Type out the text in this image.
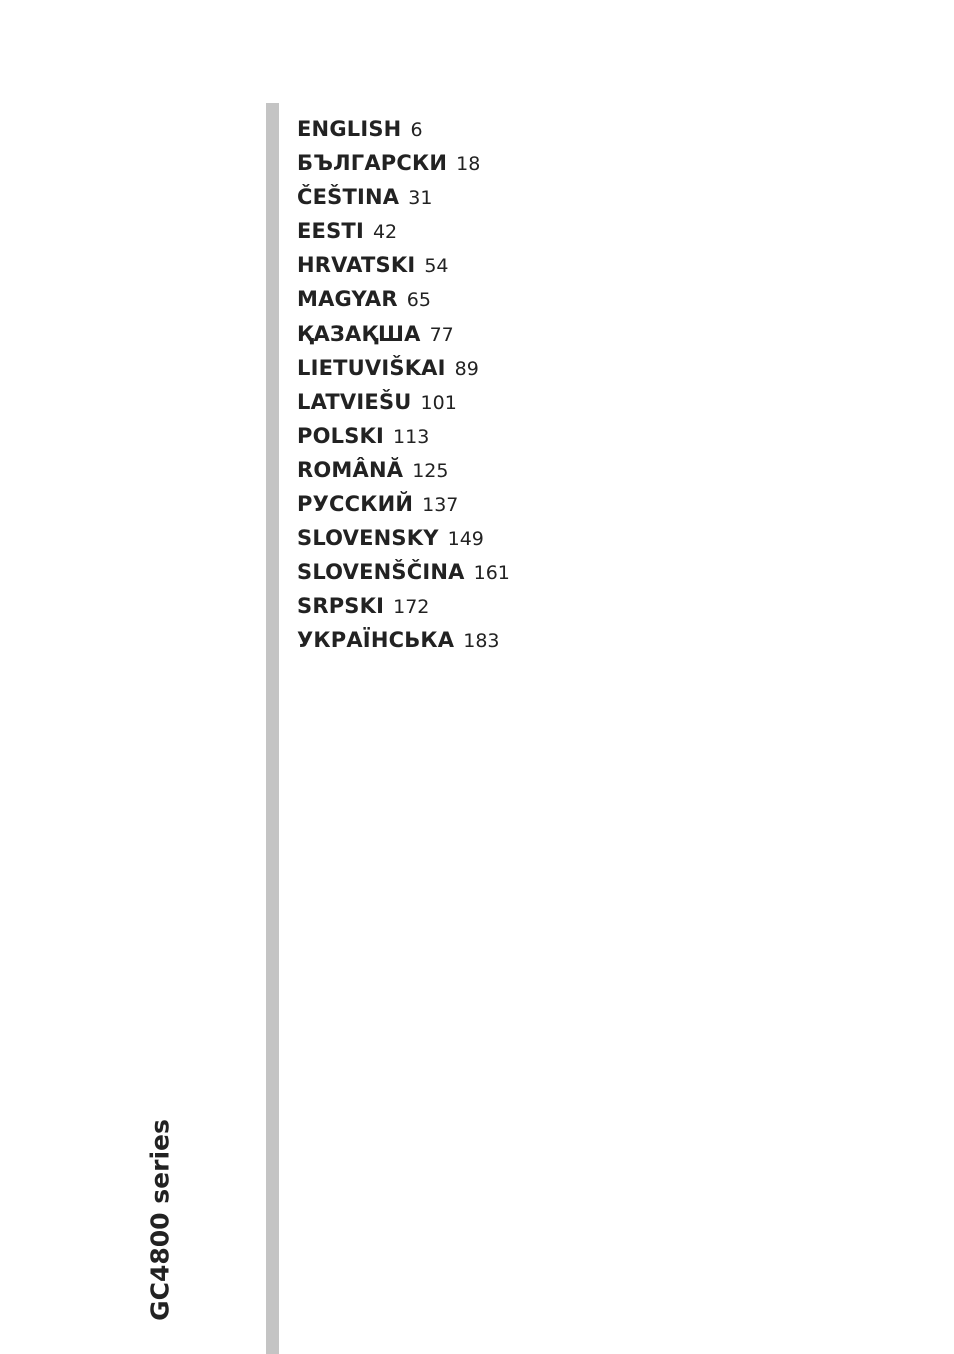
ENGLISH 6
БЪЛГАРСКИ 18
ČEŠTINA 31
EESTI 42
HRVATSKI 54
MAGYAR 65
ҚАЗАҚША 77
LIETUVIŠKAI 89
LATVIEŠU 101
POLSKI 113
ROMÂNĂ 125
РУССКИЙ 137
SLOVENSKY 149
SLOVENŠČINA 161
SRPSKI 172
УКРАЇНСЬКА 183
GC4800 series
